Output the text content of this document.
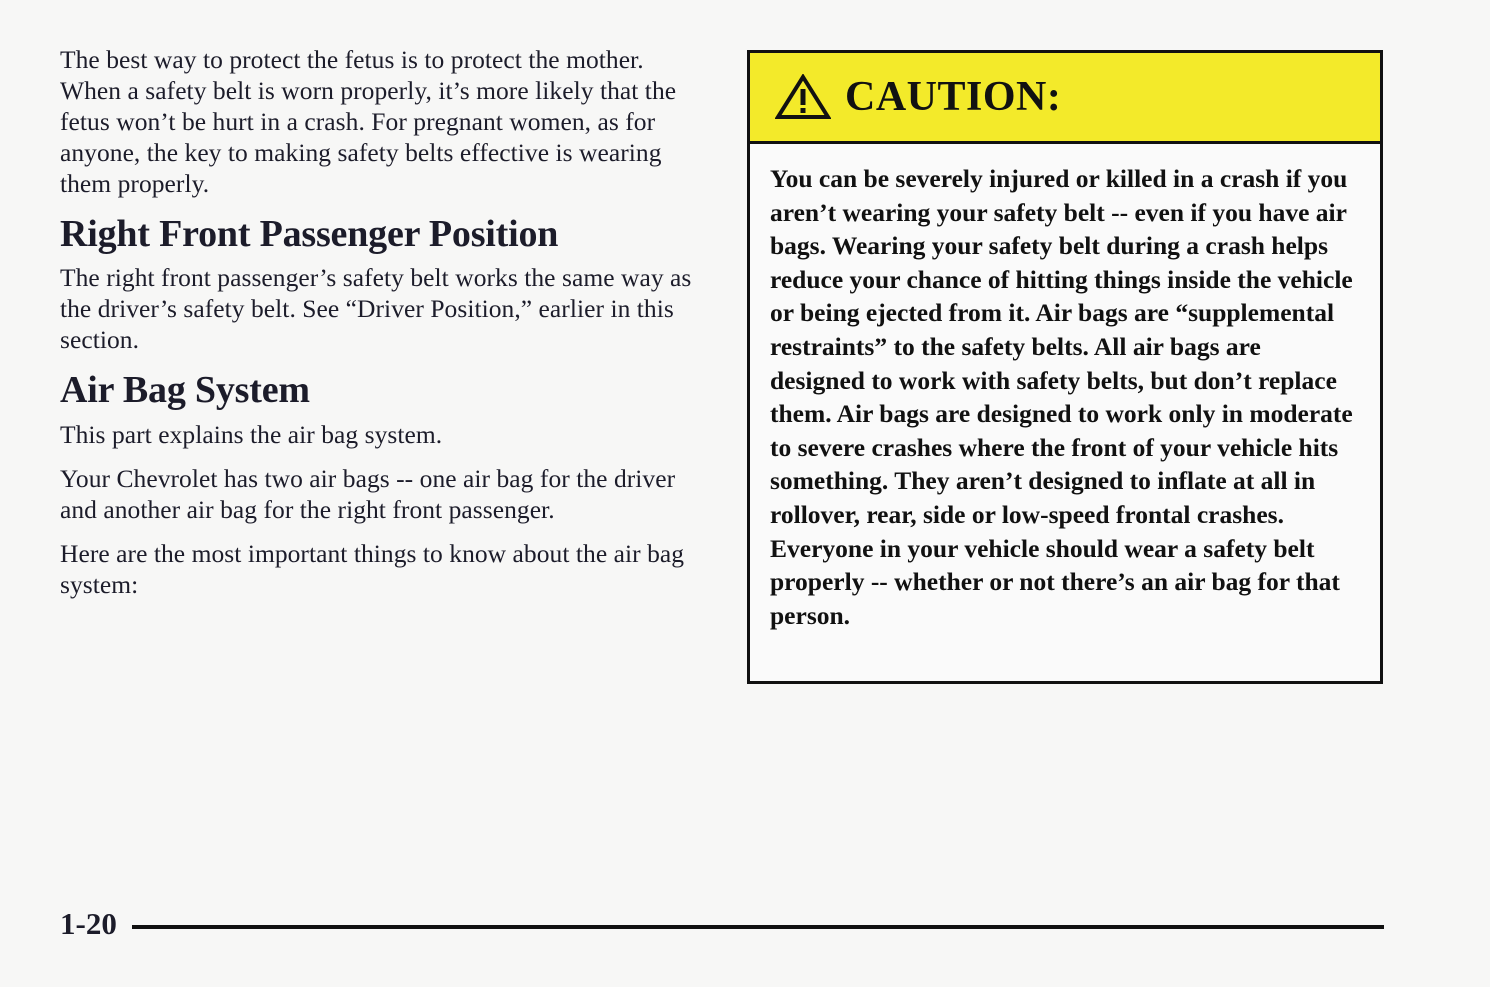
The best way to protect the fetus is to protect the mother. When a safety belt is worn properly, it’s more likely that the fetus won’t be hurt in a crash. For pregnant women, as for anyone, the key to making safety belts effective is wearing them properly.

Right Front Passenger Position

The right front passenger’s safety belt works the same way as the driver’s safety belt. See “Driver Position,” earlier in this section.

Air Bag System

This part explains the air bag system.

Your Chevrolet has two air bags -- one air bag for the driver and another air bag for the right front passenger.

Here are the most important things to know about the air bag system:

CAUTION:

You can be severely injured or killed in a crash if you aren’t wearing your safety belt -- even if you have air bags. Wearing your safety belt during a crash helps reduce your chance of hitting things inside the vehicle or being ejected from it. Air bags are “supplemental restraints” to the safety belts. All air bags are designed to work with safety belts, but don’t replace them. Air bags are designed to work only in moderate to severe crashes where the front of your vehicle hits something. They aren’t designed to inflate at all in rollover, rear, side or low-speed frontal crashes. Everyone in your vehicle should wear a safety belt properly -- whether or not there’s an air bag for that person.

1-20
